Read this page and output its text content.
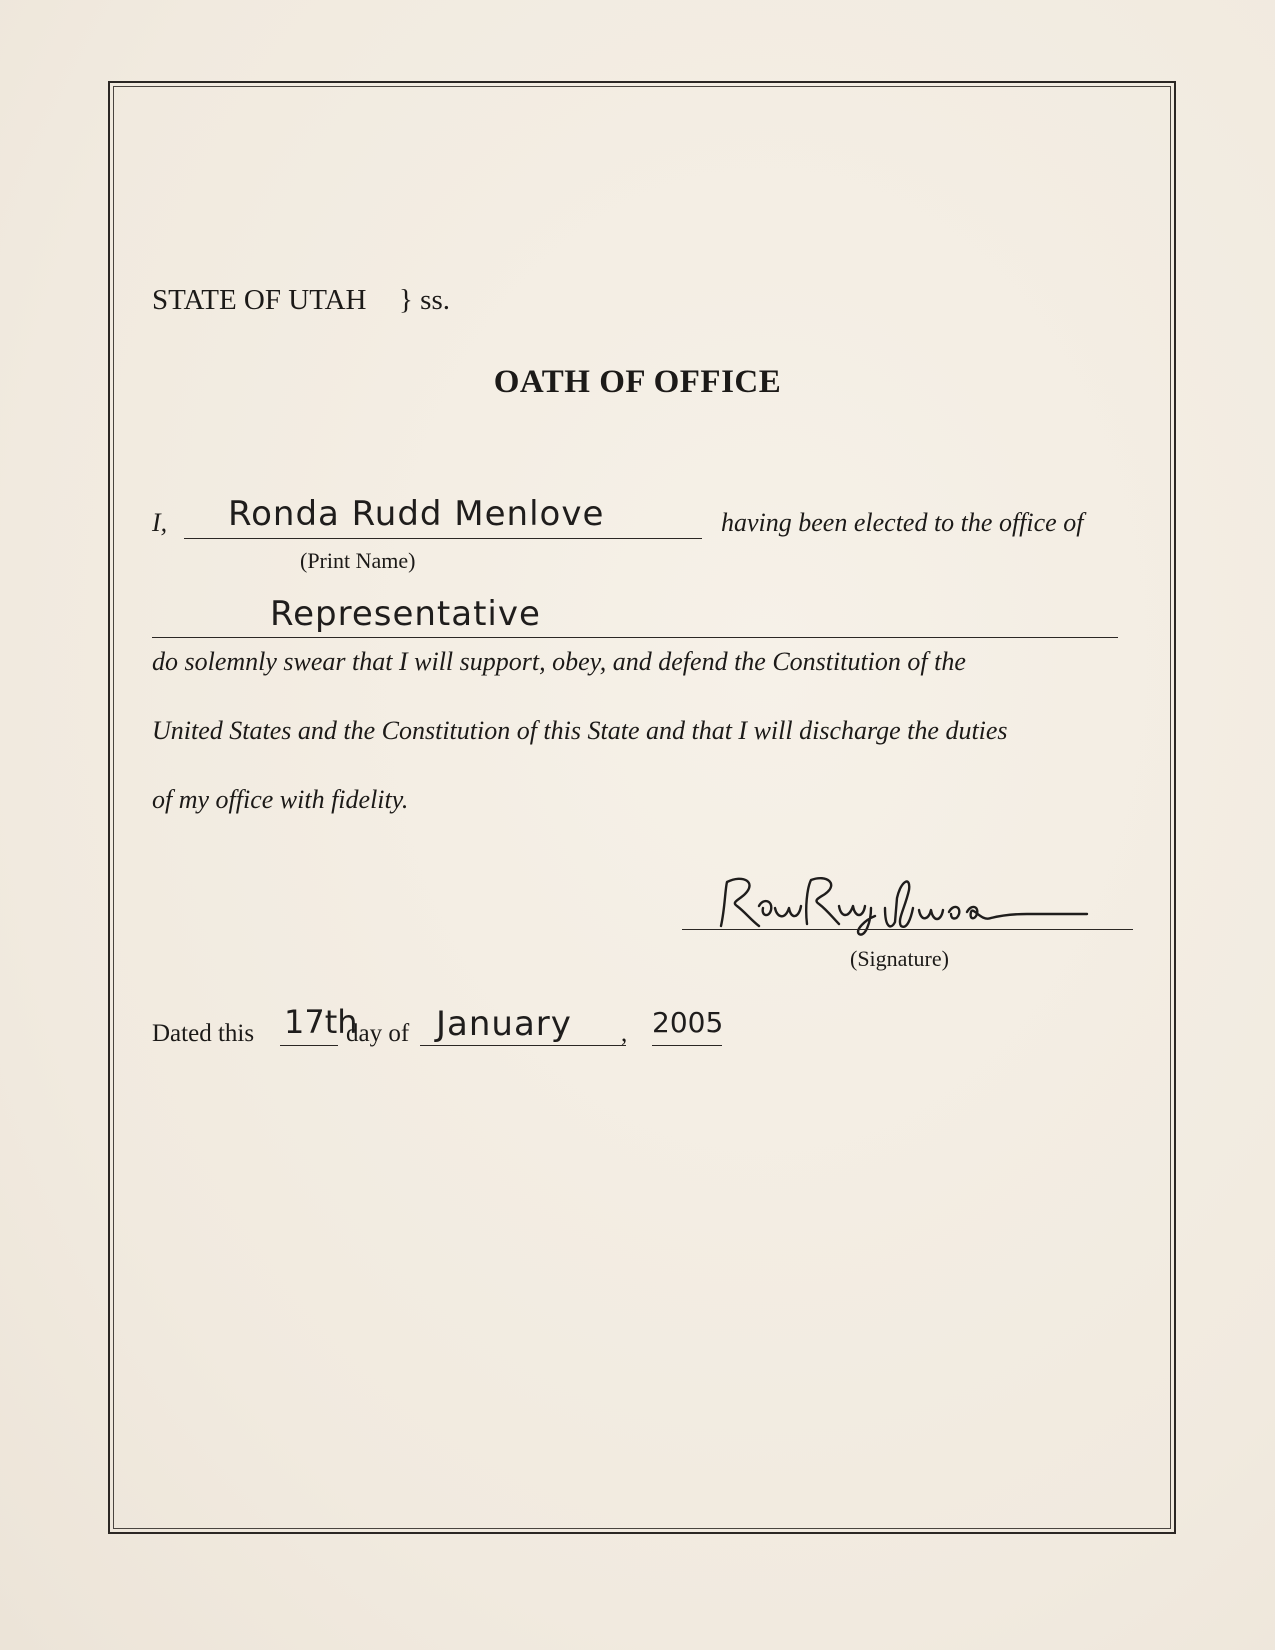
STATE OF UTAH } ss.
OATH OF OFFICE
I, Ronda Rudd Menlove	having been elected to the office of
(Print Name)
Representative
do solemnly swear that I will support, obey, and defend the Constitution of the
United States and the Constitution of this State and that I will discharge the duties
of my office with fidelity.
(Signature)
Dated this 17th
day of January , 2005
